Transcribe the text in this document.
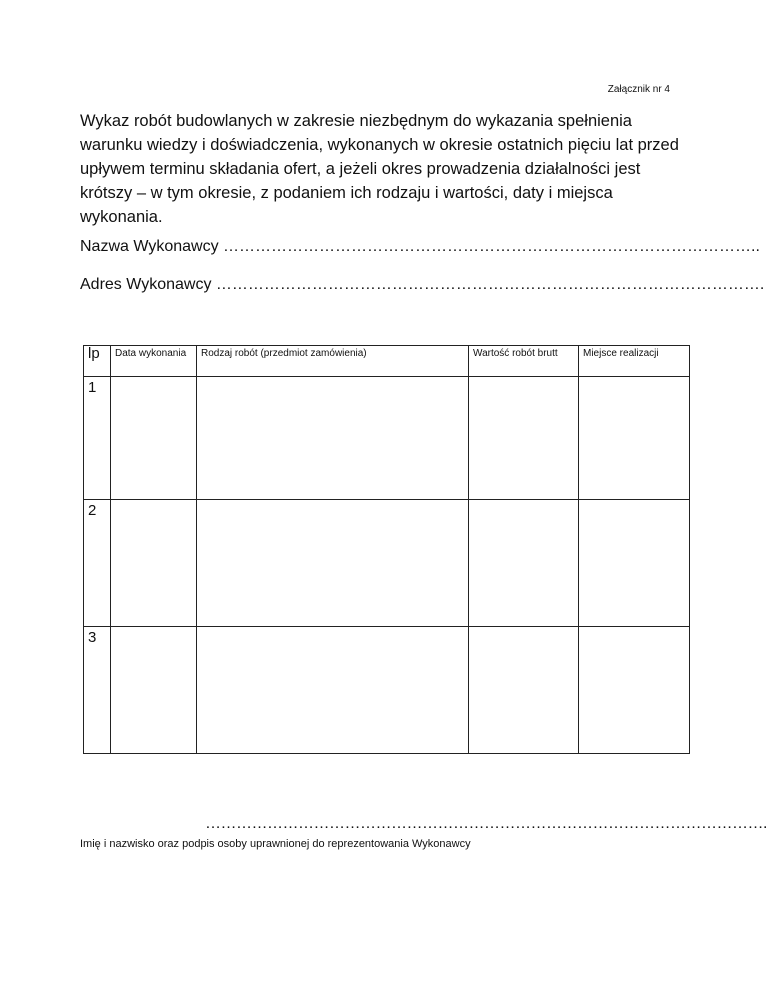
Załącznik nr 4

Wykaz robót budowlanych w zakresie niezbędnym do wykazania spełnienia warunku wiedzy i doświadczenia, wykonanych w okresie ostatnich pięciu lat przed upływem terminu składania ofert, a jeżeli okres prowadzenia działalności jest krótszy – w tym okresie, z podaniem ich rodzaju i wartości, daty i miejsca wykonania.

Nazwa Wykonawcy ………………………………………………………………………………………..
Adres Wykonawcy ………………………………………………………………………………………….
lp	Data wykonania	Rodzaj robót (przedmiot zamówienia)	Wartość robót brutt	Miejsce realizacji
1				
2				
3				
……………………………………………………………………………………………….
Imię i nazwisko oraz podpis osoby uprawnionej do reprezentowania Wykonawcy
